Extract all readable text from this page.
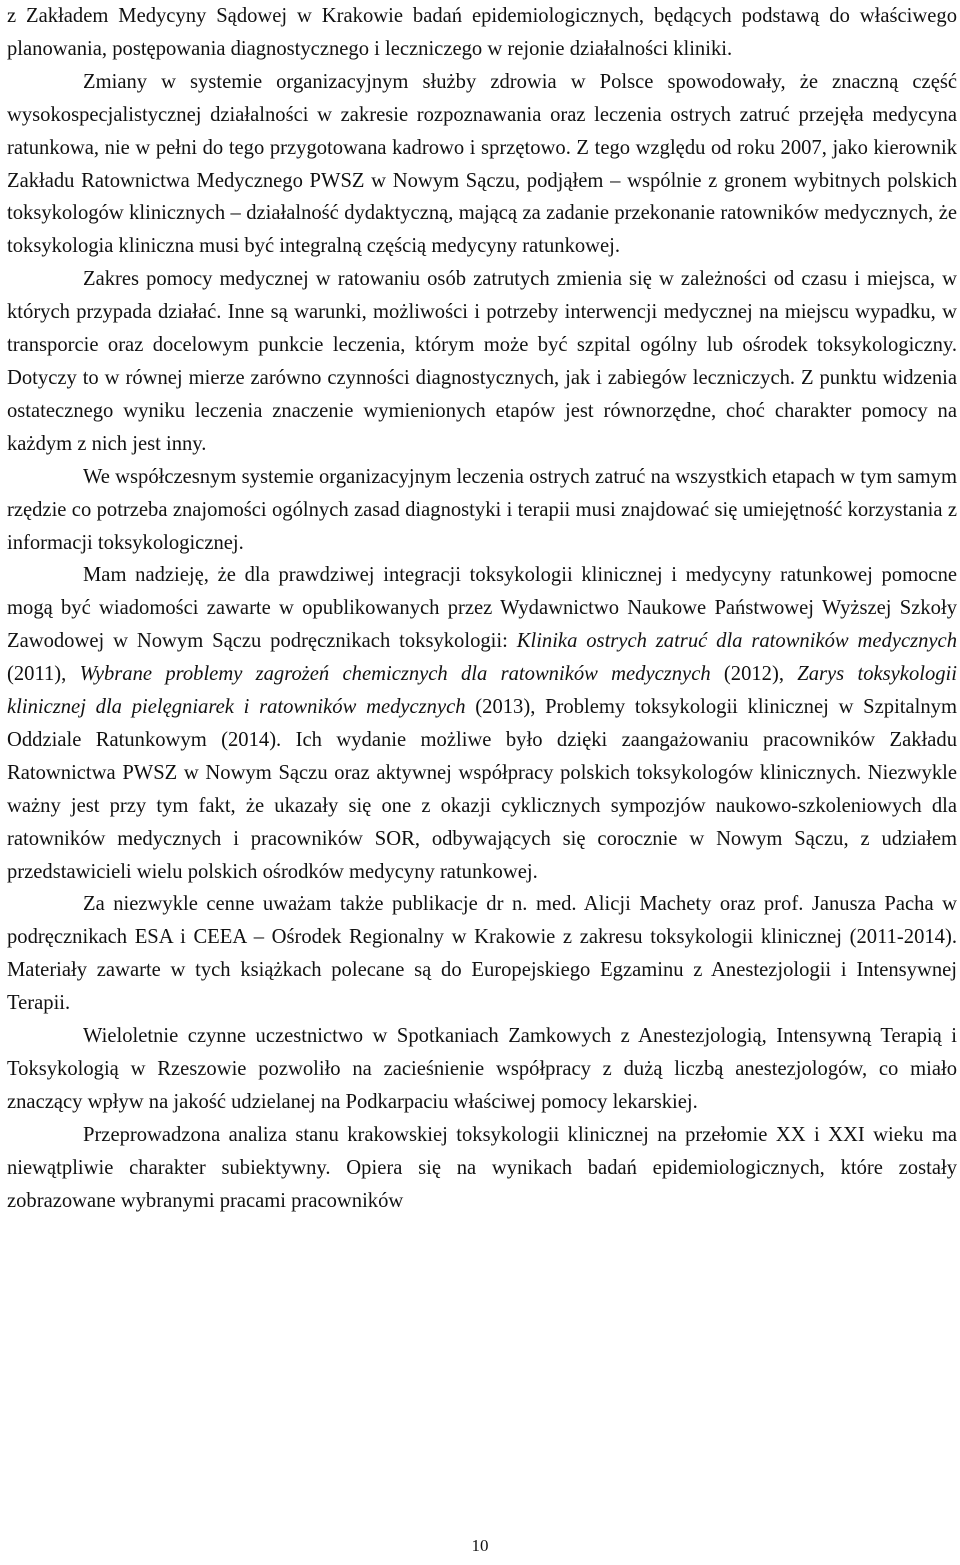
z Zakładem Medycyny Sądowej w Krakowie badań epidemiologicznych, będących podstawą do właściwego planowania, postępowania diagnostycznego i leczniczego w rejonie działalności kliniki.

Zmiany w systemie organizacyjnym służby zdrowia w Polsce spowodowały, że znaczną część wysokospecjalistycznej działalności w zakresie rozpoznawania oraz leczenia ostrych zatruć przejęła medycyna ratunkowa, nie w pełni do tego przygotowana kadrowo i sprzętowo. Z tego względu od roku 2007, jako kierownik Zakładu Ratownictwa Medycznego PWSZ w Nowym Sączu, podjąłem – wspólnie z gronem wybitnych polskich toksykologów klinicznych – działalność dydaktyczną, mającą za zadanie przekonanie ratowników medycznych, że toksykologia kliniczna musi być integralną częścią medycyny ratunkowej.

Zakres pomocy medycznej w ratowaniu osób zatrutych zmienia się w zależności od czasu i miejsca, w których przypada działać. Inne są warunki, możliwości i potrzeby interwencji medycznej na miejscu wypadku, w transporcie oraz docelowym punkcie leczenia, którym może być szpital ogólny lub ośrodek toksykologiczny. Dotyczy to w równej mierze zarówno czynności diagnostycznych, jak i zabiegów leczniczych. Z punktu widzenia ostatecznego wyniku leczenia znaczenie wymienionych etapów jest równorzędne, choć charakter pomocy na każdym z nich jest inny.

We współczesnym systemie organizacyjnym leczenia ostrych zatruć na wszystkich etapach w tym samym rzędzie co potrzeba znajomości ogólnych zasad diagnostyki i terapii musi znajdować się umiejętność korzystania z informacji toksykologicznej.

Mam nadzieję, że dla prawdziwej integracji toksykologii klinicznej i medycyny ratunkowej pomocne mogą być wiadomości zawarte w opublikowanych przez Wydawnictwo Naukowe Państwowej Wyższej Szkoły Zawodowej w Nowym Sączu podręcznikach toksykologii: Klinika ostrych zatruć dla ratowników medycznych (2011), Wybrane problemy zagrożeń chemicznych dla ratowników medycznych (2012), Zarys toksykologii klinicznej dla pielęgniarek i ratowników medycznych (2013), Problemy toksykologii klinicznej w Szpitalnym Oddziale Ratunkowym (2014). Ich wydanie możliwe było dzięki zaangażowaniu pracowników Zakładu Ratownictwa PWSZ w Nowym Sączu oraz aktywnej współpracy polskich toksykologów klinicznych. Niezwykle ważny jest przy tym fakt, że ukazały się one z okazji cyklicznych sympozjów naukowo-szkoleniowych dla ratowników medycznych i pracowników SOR, odbywających się corocznie w Nowym Sączu, z udziałem przedstawicieli wielu polskich ośrodków medycyny ratunkowej.

Za niezwykle cenne uważam także publikacje dr n. med. Alicji Machety oraz prof. Janusza Pacha w podręcznikach ESA i CEEA – Ośrodek Regionalny w Krakowie z zakresu toksykologii klinicznej (2011-2014). Materiały zawarte w tych książkach polecane są do Europejskiego Egzaminu z Anestezjologii i Intensywnej Terapii.

Wieloletnie czynne uczestnictwo w Spotkaniach Zamkowych z Anestezjologią, Intensywną Terapią i Toksykologią w Rzeszowie pozwoliło na zacieśnienie współpracy z dużą liczbą anestezjologów, co miało znaczący wpływ na jakość udzielanej na Podkarpaciu właściwej pomocy lekarskiej.

Przeprowadzona analiza stanu krakowskiej toksykologii klinicznej na przełomie XX i XXI wieku ma niewątpliwie charakter subiektywny. Opiera się na wynikach badań epidemiologicznych, które zostały zobrazowane wybranymi pracami pracowników

10
